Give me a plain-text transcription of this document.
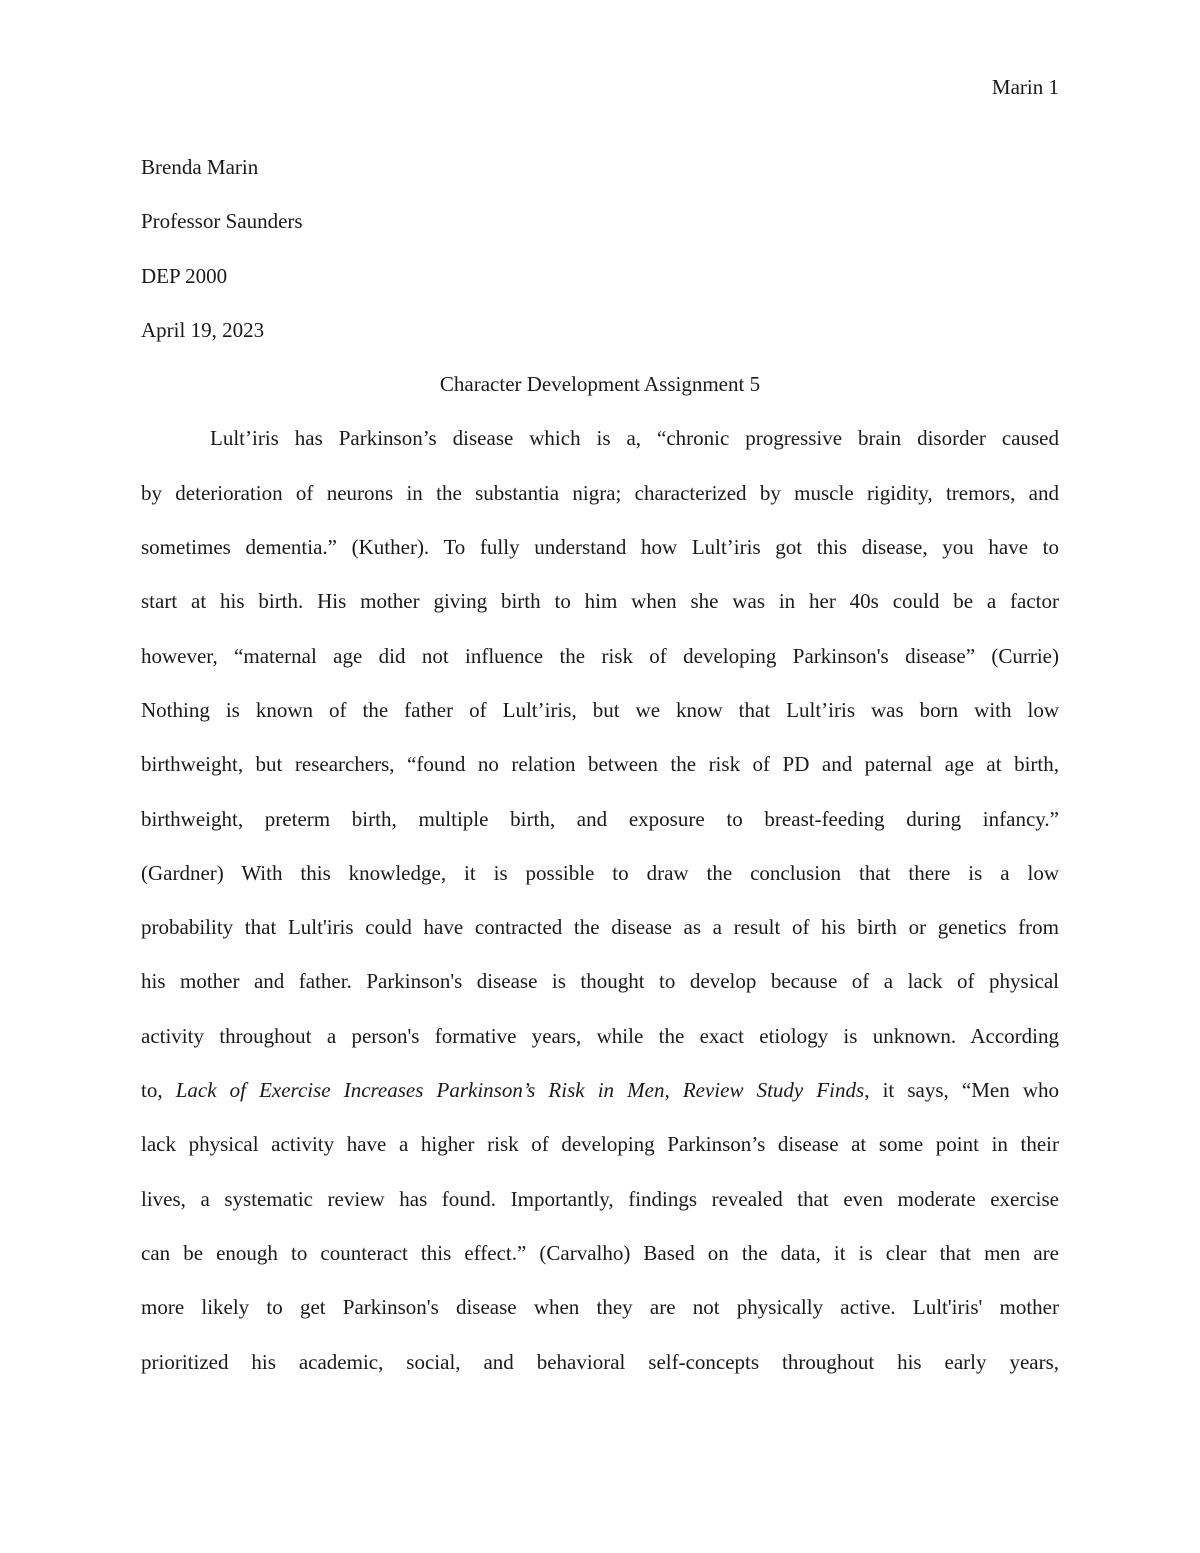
Marin 1
Brenda Marin
Professor Saunders
DEP 2000
April 19, 2023
Character Development Assignment 5
Lult’iris has Parkinson’s disease which is a, “chronic progressive brain disorder caused
by deterioration of neurons in the substantia nigra; characterized by muscle rigidity, tremors, and
sometimes dementia.” (Kuther). To fully understand how Lult’iris got this disease, you have to
start at his birth. His mother giving birth to him when she was in her 40s could be a factor
however, “maternal age did not influence the risk of developing Parkinson's disease” (Currie)
Nothing is known of the father of Lult’iris, but we know that Lult’iris was born with low
birthweight, but researchers, “found no relation between the risk of PD and paternal age at birth,
birthweight, preterm birth, multiple birth, and exposure to breast-feeding during infancy.”
(Gardner) With this knowledge, it is possible to draw the conclusion that there is a low
probability that Lult'iris could have contracted the disease as a result of his birth or genetics from
his mother and father. Parkinson's disease is thought to develop because of a lack of physical
activity throughout a person's formative years, while the exact etiology is unknown. According
to, Lack of Exercise Increases Parkinson’s Risk in Men, Review Study Finds, it says, “Men who
lack physical activity have a higher risk of developing Parkinson’s disease at some point in their
lives, a systematic review has found. Importantly, findings revealed that even moderate exercise
can be enough to counteract this effect.” (Carvalho) Based on the data, it is clear that men are
more likely to get Parkinson's disease when they are not physically active. Lult'iris' mother
prioritized his academic, social, and behavioral self-concepts throughout his early years,
